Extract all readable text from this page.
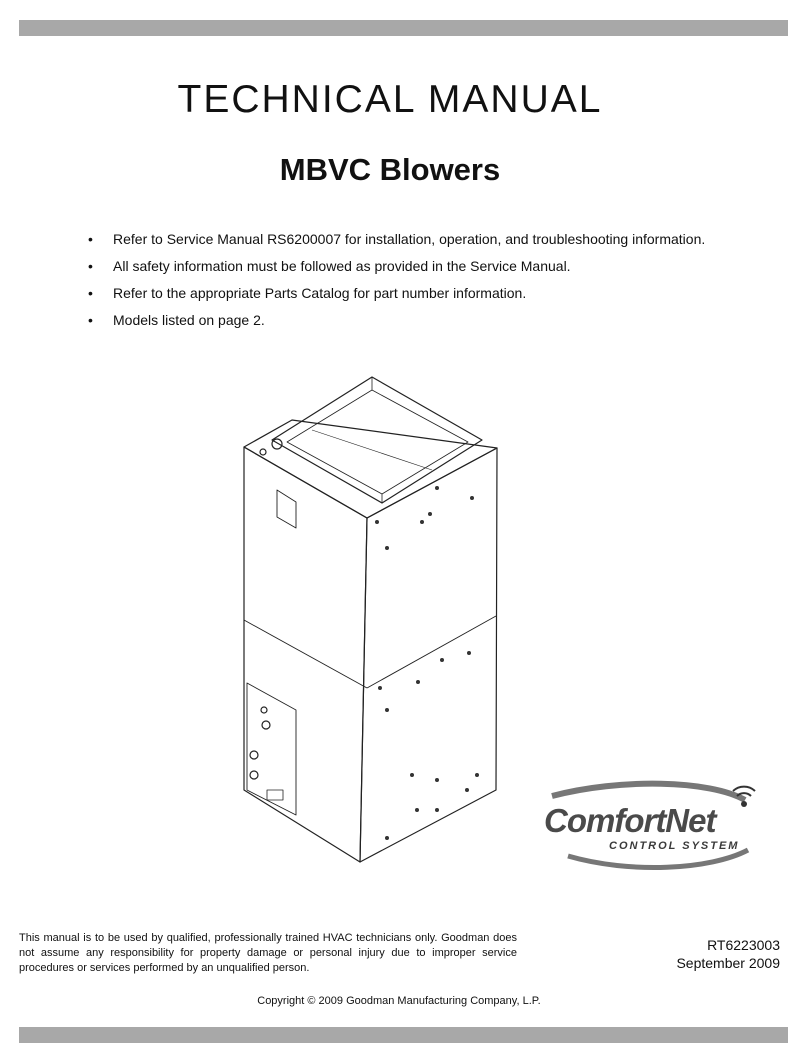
TECHNICAL MANUAL
MBVC Blowers
• Refer to Service Manual RS6200007 for installation, operation, and troubleshooting information.
• All safety information must be followed as provided in the Service Manual.
• Refer to the appropriate Parts Catalog for part number information.
• Models listed on page 2.
ComfortNet
CONTROL SYSTEM
This manual is to be used by qualified, professionally trained HVAC technicians only. Goodman does not assume any responsibility for property damage or personal injury due to improper service procedures or services performed by an unqualified person.
RT6223003
September 2009
Copyright © 2009 Goodman Manufacturing Company, L.P.
